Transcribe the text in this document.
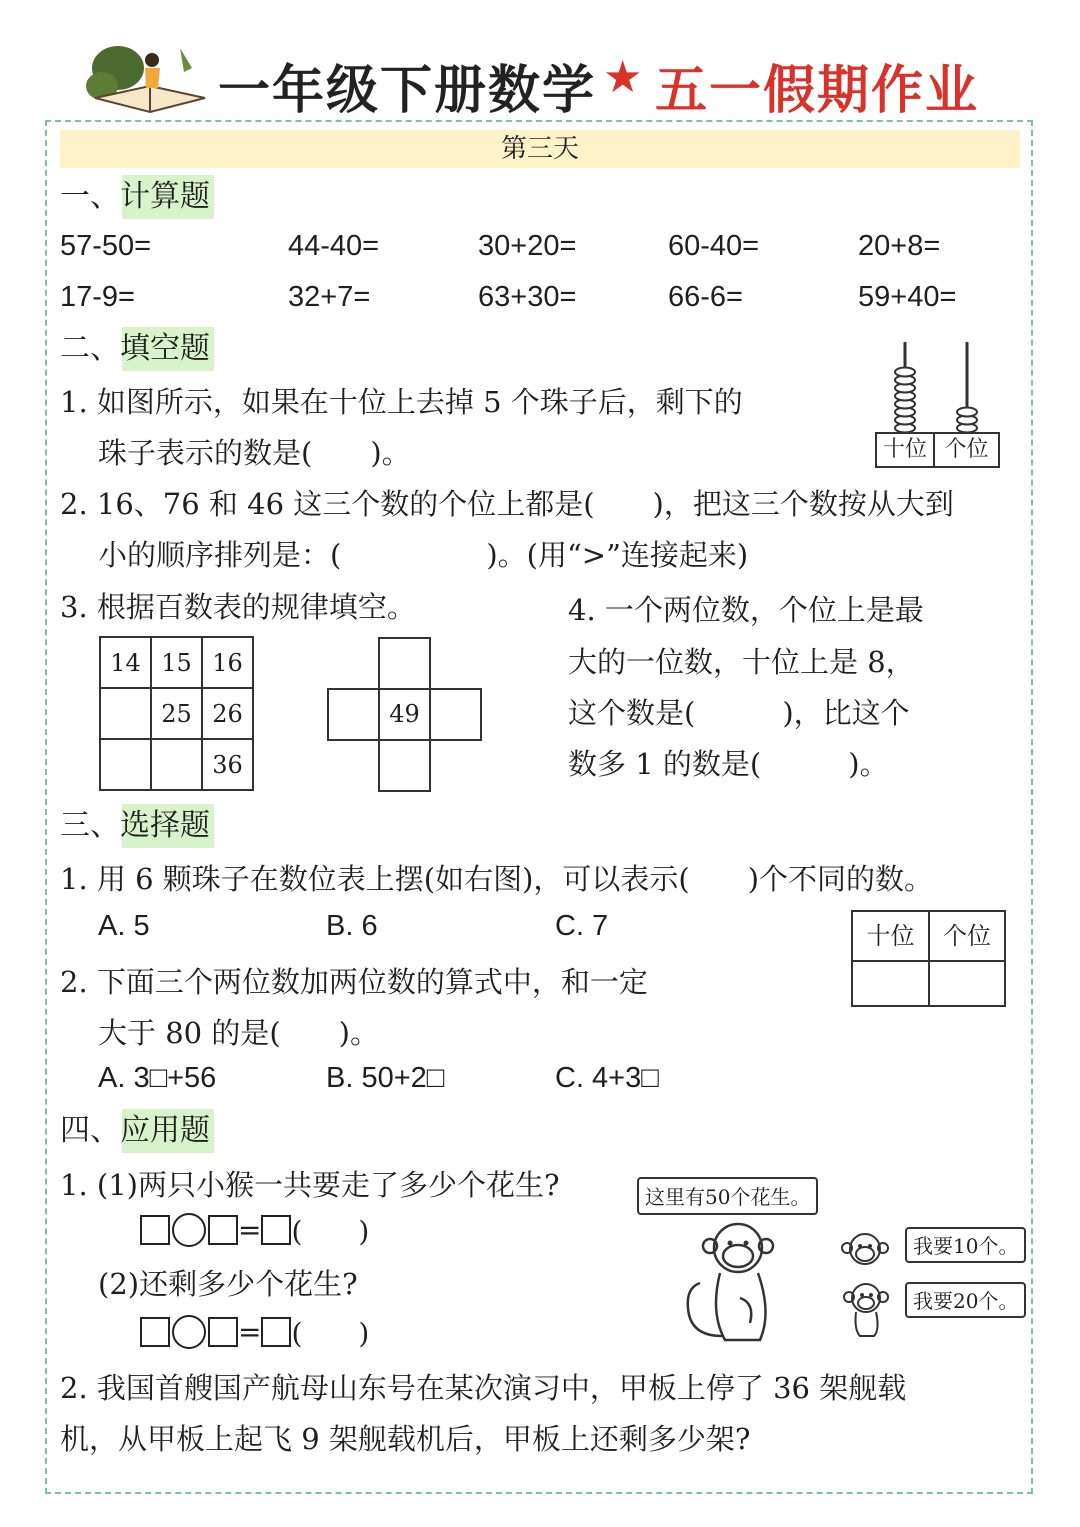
一年级下册数学 ★ 五一假期作业
第三天
一、计算题
57-50=	44-40=	30+20=	60-40=	20+8=
17-9=	32+7=	63+30=	66-6=	59+40=
二、填空题
1. 如图所示，如果在十位上去掉 5 个珠子后，剩下的
珠子表示的数是(　　)。	十位 个位
2. 16、76 和 46 这三个数的个位上都是(　　)，把这三个数按从大到
小的顺序排列是：(　　　　　)。(用“>”连接起来)
3. 根据百数表的规律填空。
14	15	16
	25	26
		36
49
4. 一个两位数，个位上是最
大的一位数，十位上是 8，
这个数是(　　　)，比这个
数多 1 的数是(　　　)。
三、选择题
1. 用 6 颗珠子在数位表上摆(如右图)，可以表示(　　)个不同的数。
A. 5	B. 6	C. 7	十位	个位
2. 下面三个两位数加两位数的算式中，和一定
大于 80 的是(　　)。
A. 3□+56	B. 50+2□	C. 4+3□
四、应用题
1. (1)两只小猴一共要走了多少个花生?
= (　　)
(2)还剩多少个花生?
= (　　)
这里有50个花生。
我要10个。
我要20个。
2. 我国首艘国产航母山东号在某次演习中，甲板上停了 36 架舰载
机，从甲板上起飞 9 架舰载机后，甲板上还剩多少架?
